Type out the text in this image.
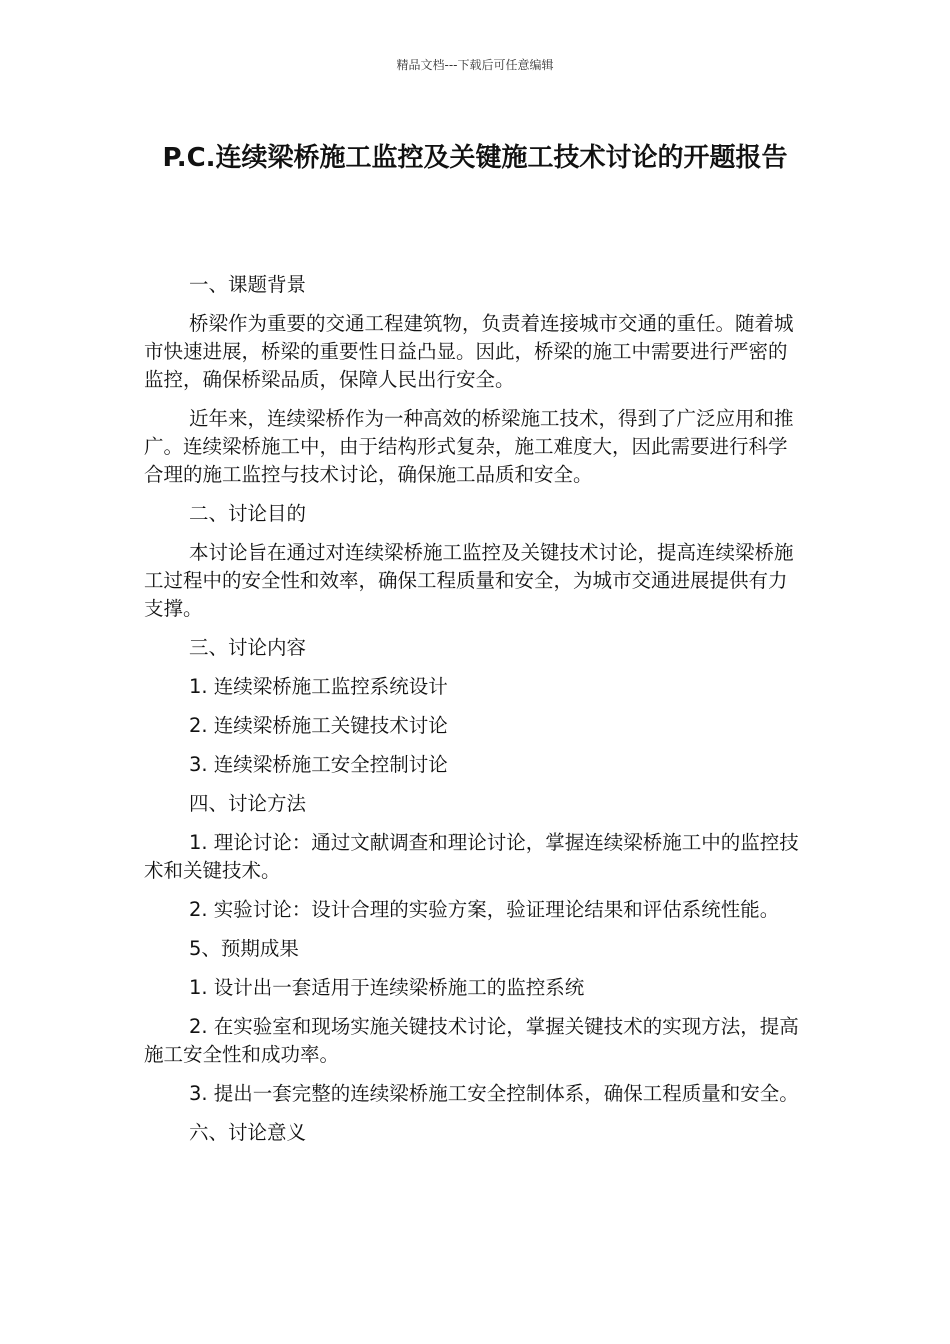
精品文档---下载后可任意编辑
P.C.连续梁桥施工监控及关键施工技术讨论的开题报告

一、课题背景

桥梁作为重要的交通工程建筑物，负责着连接城市交通的重任。随着城市快速进展，桥梁的重要性日益凸显。因此，桥梁的施工中需要进行严密的监控，确保桥梁品质，保障人民出行安全。

近年来，连续梁桥作为一种高效的桥梁施工技术，得到了广泛应用和推广。连续梁桥施工中，由于结构形式复杂，施工难度大，因此需要进行科学合理的施工监控与技术讨论，确保施工品质和安全。

二、讨论目的

本讨论旨在通过对连续梁桥施工监控及关键技术讨论，提高连续梁桥施工过程中的安全性和效率，确保工程质量和安全，为城市交通进展提供有力支撑。

三、讨论内容

1. 连续梁桥施工监控系统设计

2. 连续梁桥施工关键技术讨论

3. 连续梁桥施工安全控制讨论

四、讨论方法

1. 理论讨论：通过文献调查和理论讨论，掌握连续梁桥施工中的监控技术和关键技术。

2. 实验讨论：设计合理的实验方案，验证理论结果和评估系统性能。

5、预期成果

1. 设计出一套适用于连续梁桥施工的监控系统

2. 在实验室和现场实施关键技术讨论，掌握关键技术的实现方法，提高施工安全性和成功率。

3. 提出一套完整的连续梁桥施工安全控制体系，确保工程质量和安全。

六、讨论意义
